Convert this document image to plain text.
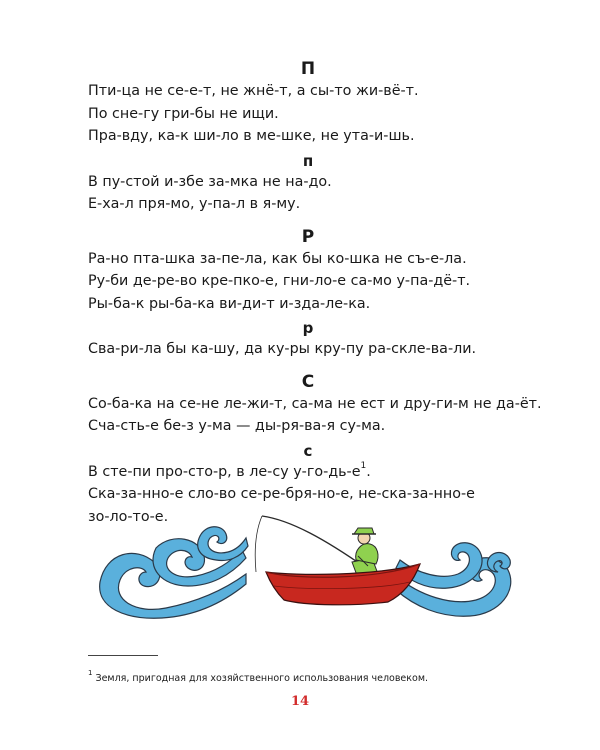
П

Пти-ца не се-е-т, не жнё-т, а сы-то жи-вё-т.

По сне-гу гри-бы не ищи.

Пра-вду, ка-к ши-ло в ме-шке, не ута-и-шь.

п

В пу-стой и-збе за-мка не на-до.

Е-ха-л пря-мо, у-па-л в я-му.

Р

Ра-но пта-шка за-пе-ла, как бы ко-шка не съ-е-ла.

Ру-би де-ре-во кре-пко-е, гни-ло-е са-мо у-па-дё-т.

Ры-ба-к ры-ба-ка ви-ди-т и-зда-ле-ка.

р

Сва-ри-ла бы ка-шу, да ку-ры кру-пу ра-скле-ва-ли.

С

Со-ба-ка на се-не ле-жи-т, са-ма не ест и дру-ги-м не да-ёт.

Сча-сть-е бе-з у-ма — ды-ря-ва-я су-ма.

с

В сте-пи про-сто-р, в ле-су $у-го-дь-е^1$.

Ска-за-нно-е сло-во се-ре-бря-но-е, не-ска-за-нно-е

зо-ло-то-е.

$^1$ Земля, пригодная для хозяйственного использования человеком.

14
